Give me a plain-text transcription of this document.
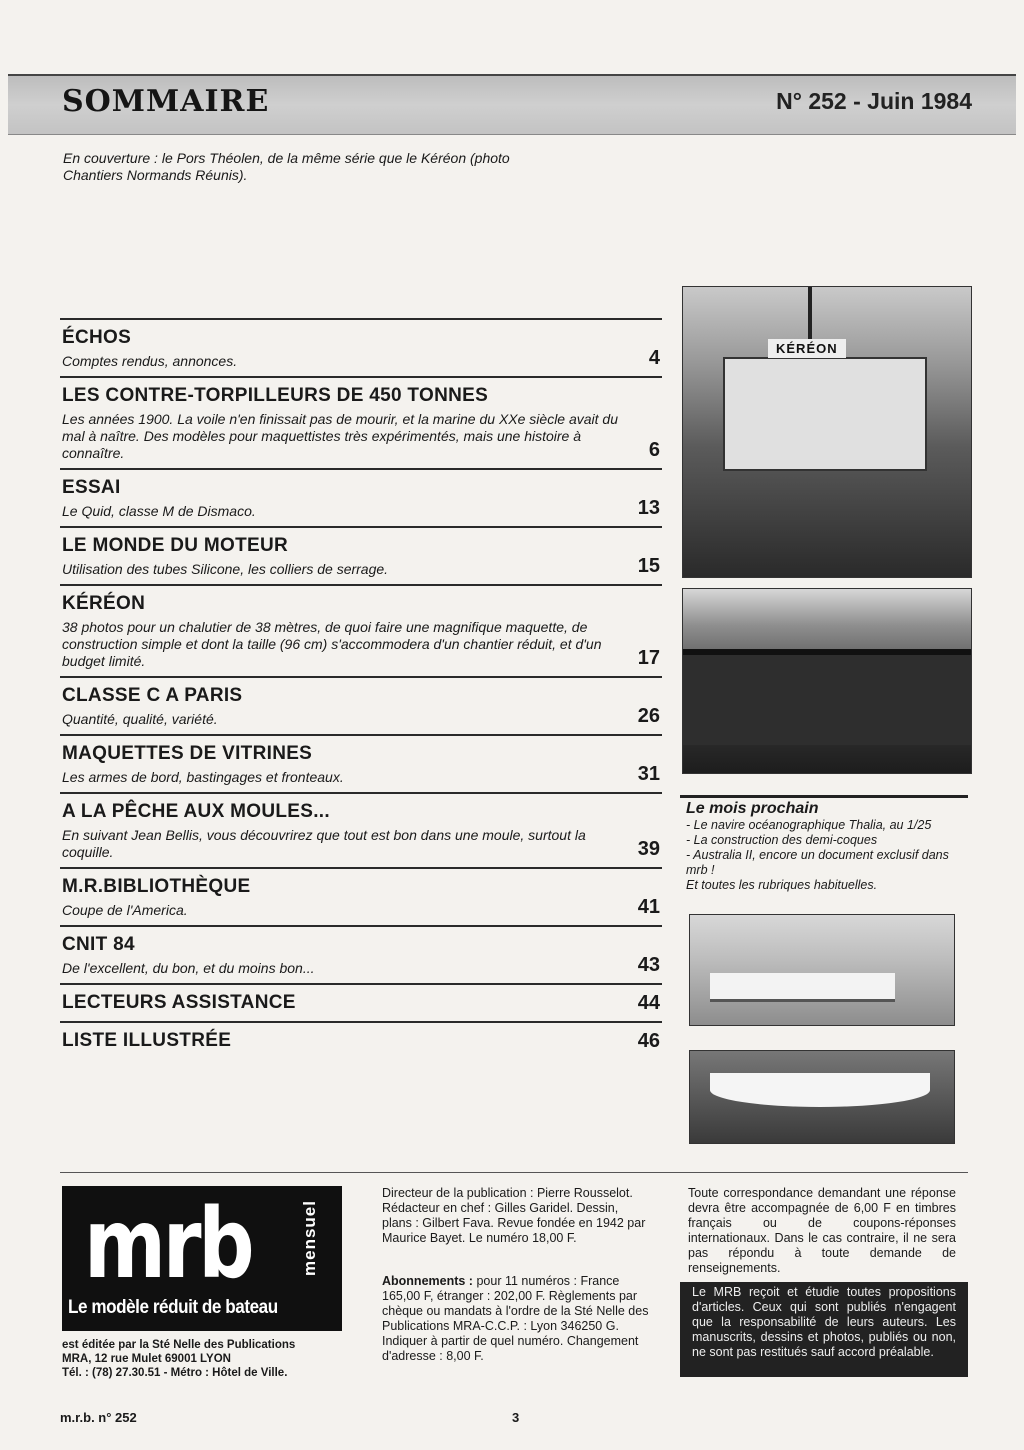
SOMMAIRE	N° 252 - Juin 1984
En couverture : le Pors Théolen, de la même série que le Kéréon (photo Chantiers Normands Réunis).
ÉCHOS
Comptes rendus, annonces.	4
LES CONTRE-TORPILLEURS DE 450 TONNES
Les années 1900. La voile n'en finissait pas de mourir, et la marine du XXe siècle avait du mal à naître. Des modèles pour maquettistes très expérimentés, mais une histoire à connaître.	6
ESSAI
Le Quid, classe M de Dismaco.	13
LE MONDE DU MOTEUR
Utilisation des tubes Silicone, les colliers de serrage.	15
KÉRÉON
38 photos pour un chalutier de 38 mètres, de quoi faire une magnifique maquette, de construction simple et dont la taille (96 cm) s'accommodera d'un chantier réduit, et d'un budget limité.	17
CLASSE C A PARIS
Quantité, qualité, variété.	26
MAQUETTES DE VITRINES
Les armes de bord, bastingages et fronteaux.	31
A LA PÊCHE AUX MOULES...
En suivant Jean Bellis, vous découvrirez que tout est bon dans une moule, surtout la coquille.	39
M.R.BIBLIOTHÈQUE
Coupe de l'America.	41
CNIT 84
De l'excellent, du bon, et du moins bon...	43
LECTEURS ASSISTANCE	44
LISTE ILLUSTRÉE	46
KÉRÉON
Le mois prochain
- Le navire océanographique Thalia, au 1/25
- La construction des demi-coques
- Australia II, encore un document exclusif dans mrb !
Et toutes les rubriques habituelles.
mrb	mensuel
Le modèle réduit de bateau
est éditée par la Sté Nelle des Publications
MRA, 12 rue Mulet 69001 LYON
Tél. : (78) 27.30.51 - Métro : Hôtel de Ville.

Directeur de la publication : Pierre Rousselot. Rédacteur en chef : Gilles Garidel. Dessin, plans : Gilbert Fava. Revue fondée en 1942 par Maurice Bayet. Le numéro 18,00 F.

Abonnements : pour 11 numéros : France 165,00 F, étranger : 202,00 F. Règlements par chèque ou mandats à l'ordre de la Sté Nelle des Publications MRA-C.C.P. : Lyon 346250 G. Indiquer à partir de quel numéro. Changement d'adresse : 8,00 F.
Toute correspondance demandant une réponse devra être accompagnée de 6,00 F en timbres français ou de coupons-réponses internationaux. Dans le cas contraire, il ne sera pas répondu à toute demande de renseignements.
Le MRB reçoit et étudie toutes propositions d'articles. Ceux qui sont publiés n'engagent que la responsabilité de leurs auteurs. Les manuscrits, dessins et photos, publiés ou non, ne sont pas restitués sauf accord préalable.
m.r.b. n° 252	3
